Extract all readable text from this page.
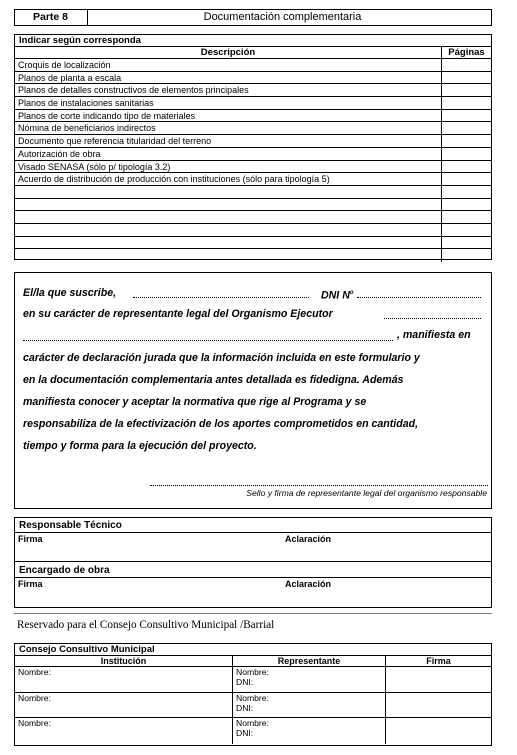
Parte 8	Documentación complementaria
Indicar según corresponda
Descripción	Páginas
Croquis de localización
Planos de planta a escala
Planos de detalles constructivos de elementos principales
Planos de instalaciones sanitarias
Planos de corte indicando tipo de materiales
Nómina de beneficiarios indirectos
Documento que referencia titularidad del terreno
Autorización de obra
Visado SENASA (sólo p/ tipología 3.2)
Acuerdo de distribución de producción con instituciones (sólo para tipología 5)
El/la que suscribe,	DNI $N^o$
en su carácter de representante legal del Organismo Ejecutor
, manifiesta en
carácter de declaración jurada que la información incluida en este formulario y
en la documentación complementaria antes detallada es fidedigna. Además
manifiesta conocer y aceptar la normativa que rige al Programa y se
responsabiliza de la efectivización de los aportes comprometidos en cantidad,
tiempo y forma para la ejecución del proyecto.
Sello y firma de representante legal del organismo responsable
Responsable Técnico
Firma	Aclaración
Encargado de obra
Firma	Aclaración
Reservado para el Consejo Consultivo Municipal /Barrial
Consejo Consultivo Municipal
Institución	Representante	Firma
Nombre:	Nombre:
DNI:
Nombre:	Nombre:
DNI:
Nombre:	Nombre:
DNI:
